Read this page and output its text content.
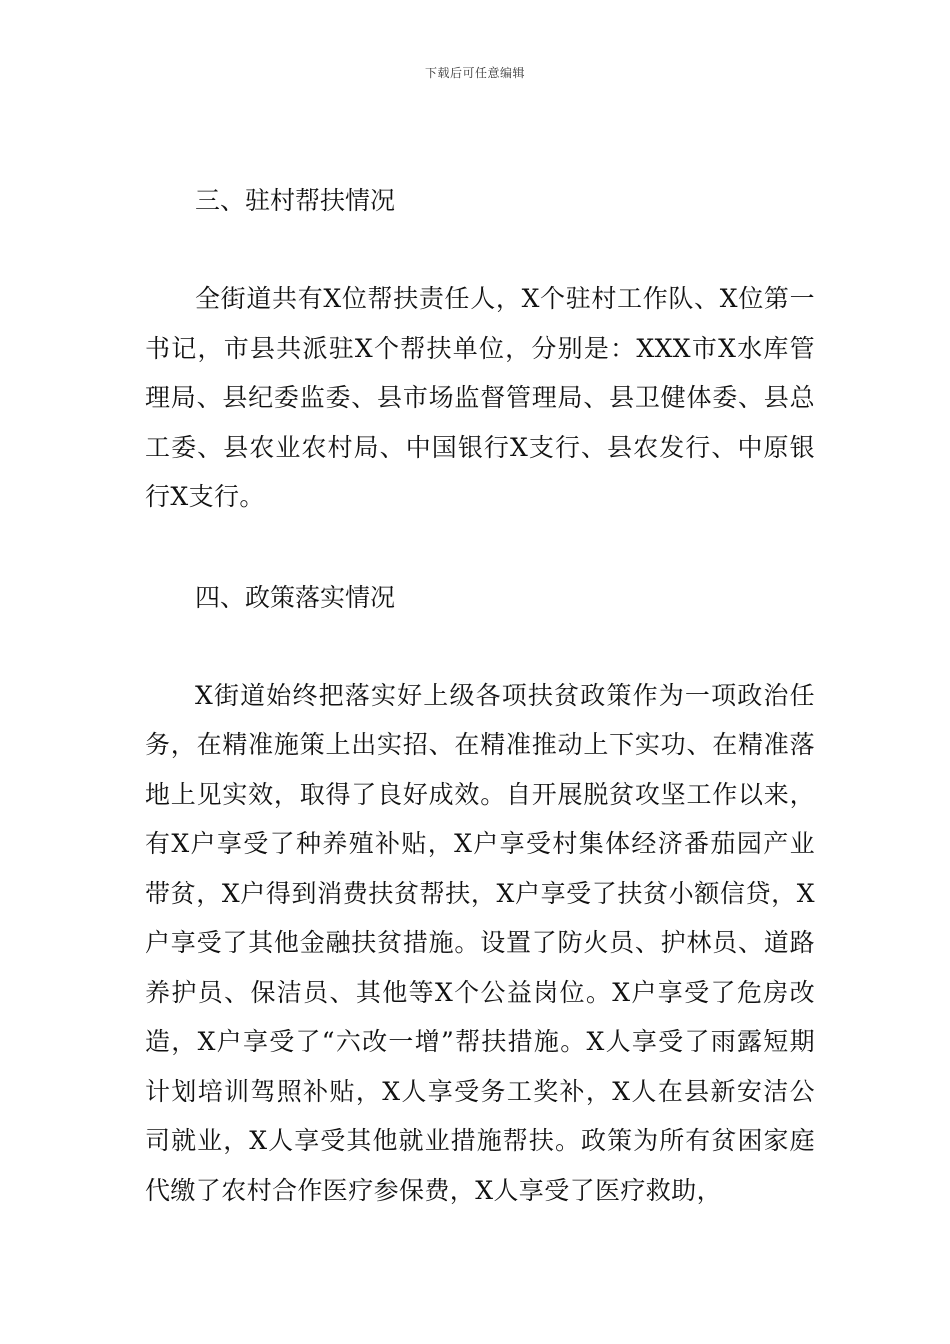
下载后可任意编辑
三、驻村帮扶情况

全街道共有X位帮扶责任人，X个驻村工作队、X位第一书记，市县共派驻X个帮扶单位，分别是：XXX市X水库管理局、县纪委监委、县市场监督管理局、县卫健体委、县总工委、县农业农村局、中国银行X支行、县农发行、中原银行X支行。

四、政策落实情况

X街道始终把落实好上级各项扶贫政策作为一项政治任务，在精准施策上出实招、在精准推动上下实功、在精准落地上见实效，取得了良好成效。自开展脱贫攻坚工作以来，有X户享受了种养殖补贴，X户享受村集体经济番茄园产业带贫，X户得到消费扶贫帮扶，X户享受了扶贫小额信贷，X户享受了其他金融扶贫措施。设置了防火员、护林员、道路养护员、保洁员、其他等X个公益岗位。X户享受了危房改造，X户享受了“六改一增”帮扶措施。X人享受了雨露短期计划培训驾照补贴，X人享受务工奖补，X人在县新安洁公司就业，X人享受其他就业措施帮扶。政策为所有贫困家庭代缴了农村合作医疗参保费，X人享受了医疗救助，
